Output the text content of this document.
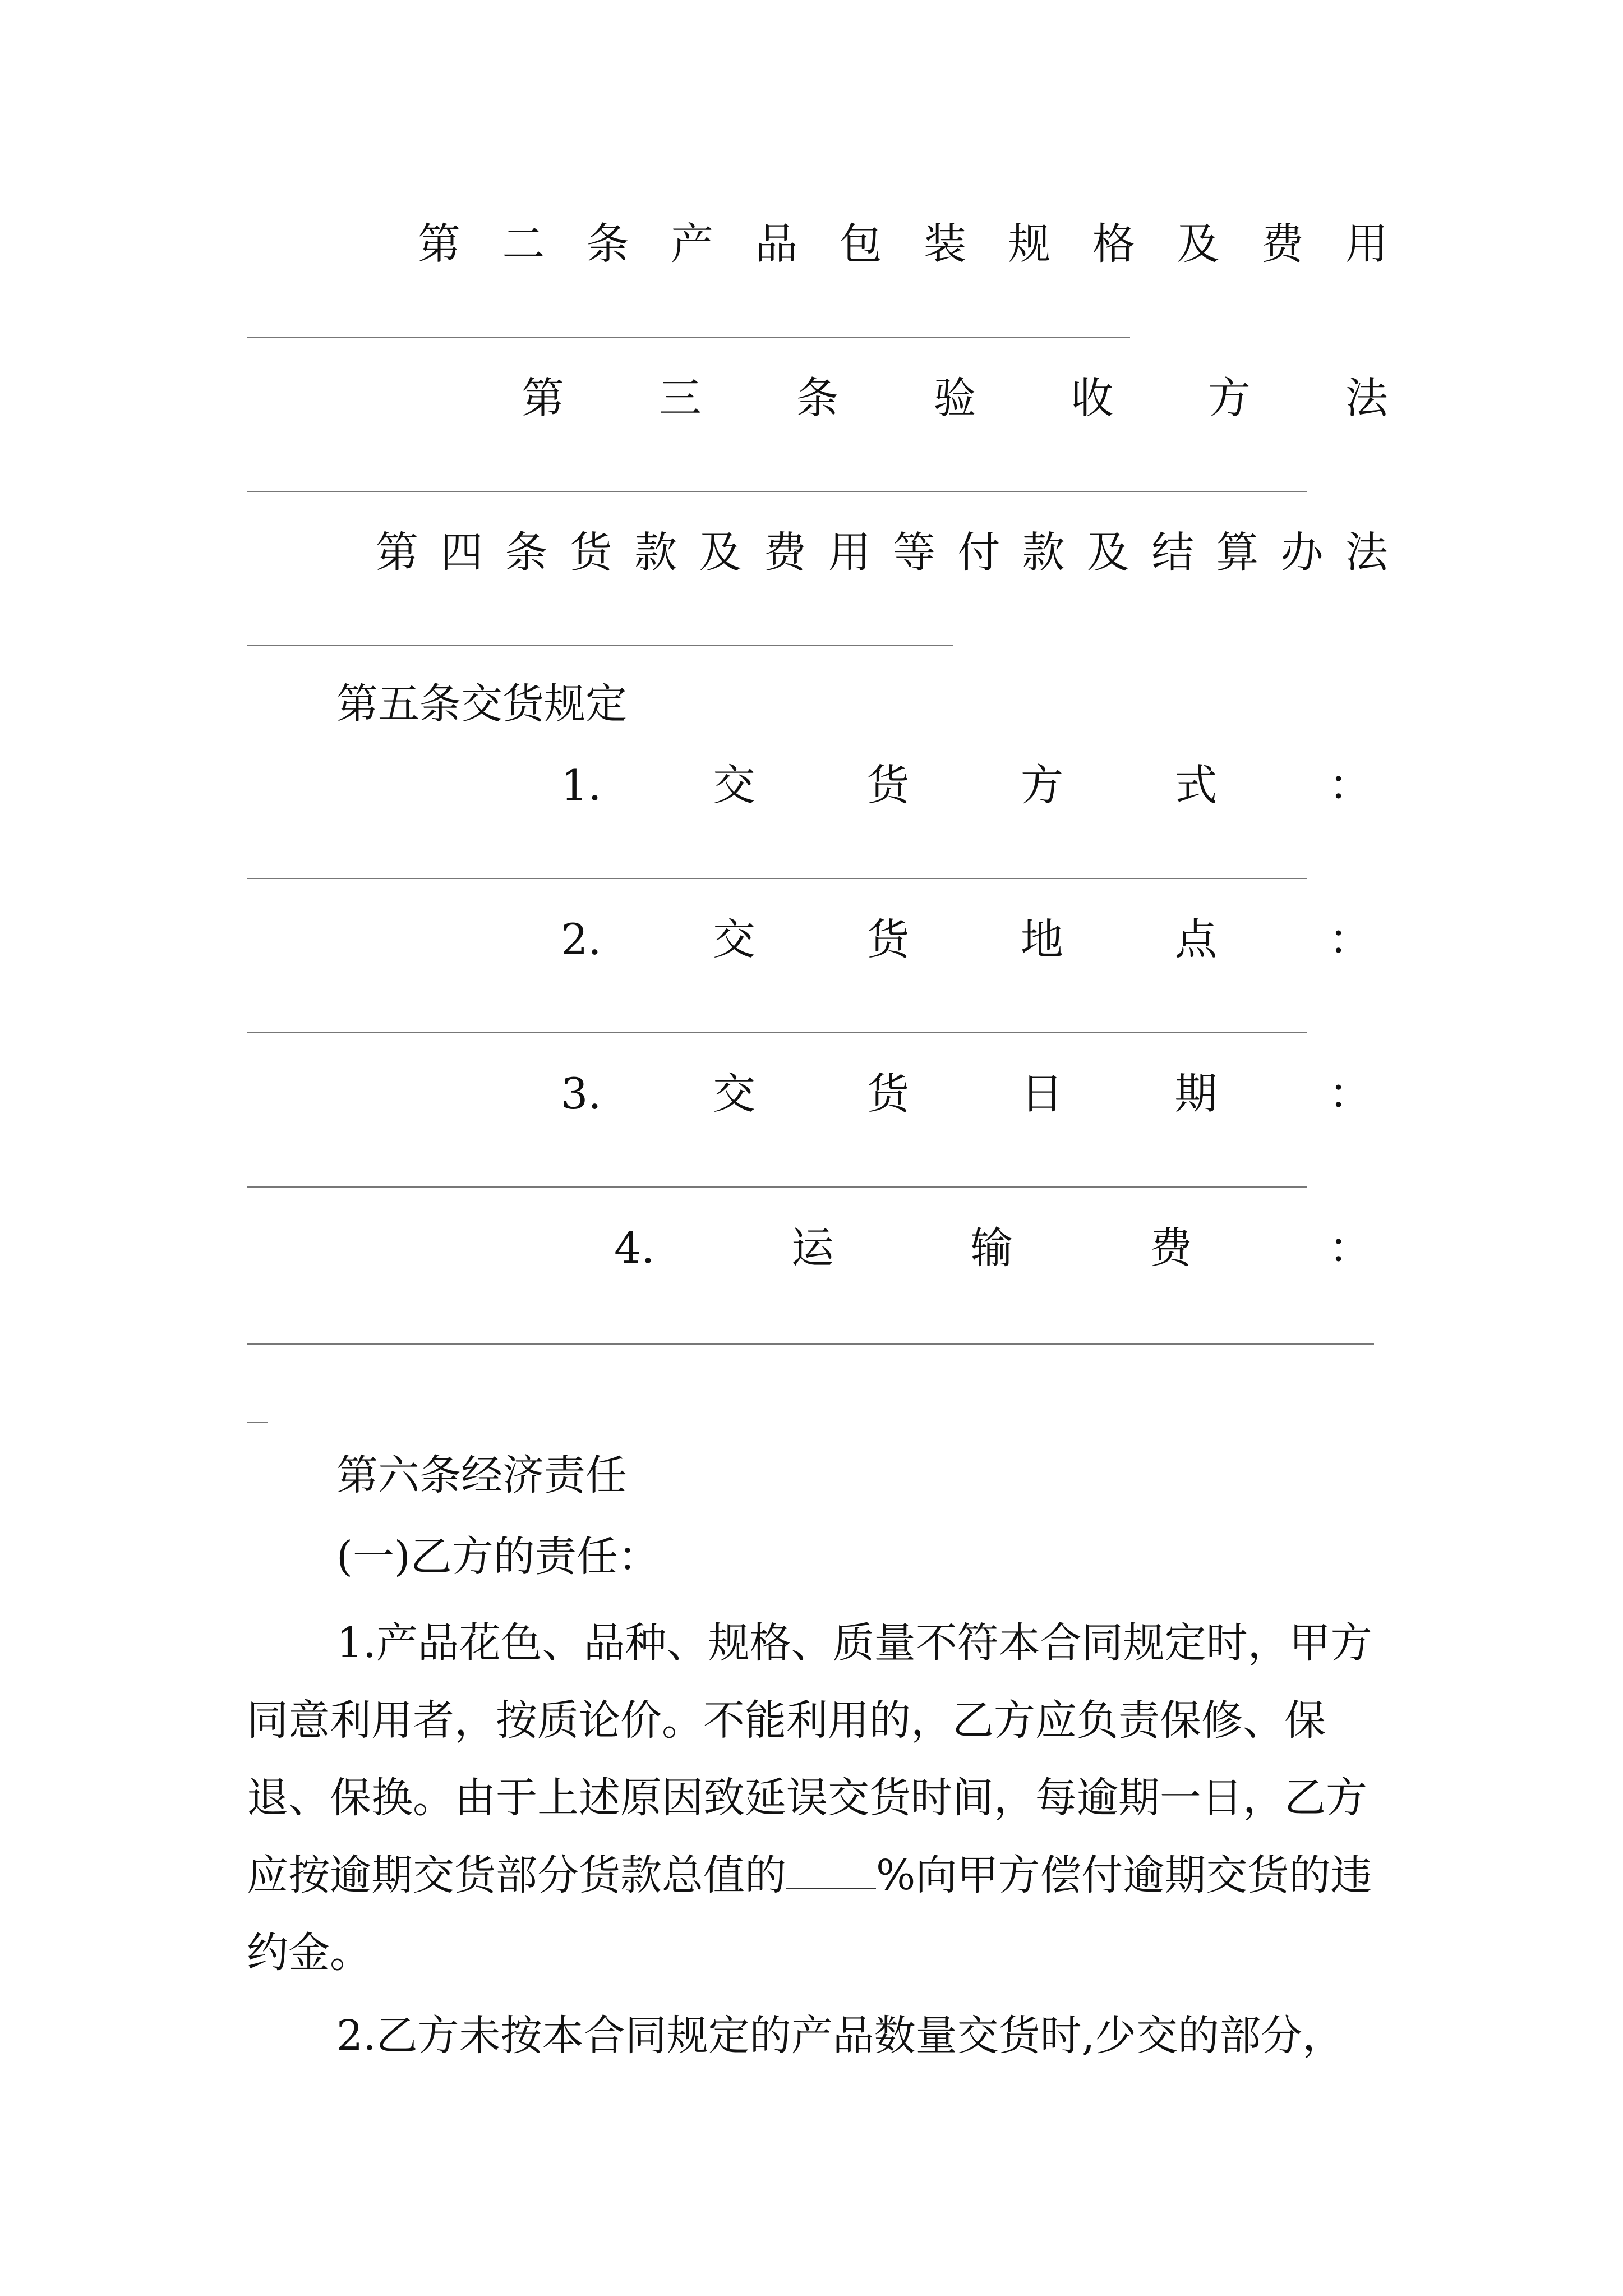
第 二 条 产 品 包 装 规 格 及 费 用
第 三 条 验 收 方 法
第 四 条 货 款 及 费 用 等 付 款 及 结 算 办 法
第五条交货规定
1.	交	货	方	式	：
2.	交	货	地	点	：
3.	交	货	日	期	：
4.	运	输	费	：
第六条经济责任
(一)乙方的责任：

1.产品花色、品种、规格、质量不符本合同规定时，甲方同意利用者，按质论价。不能利用的，乙方应负责保修、保退、保换。由于上述原因致延误交货时间，每逾期一日，乙方应按逾期交货部分货款总值的 %向甲方偿付逾期交货的违约金。

2.乙方未按本合同规定的产品数量交货时,少交的部分，
